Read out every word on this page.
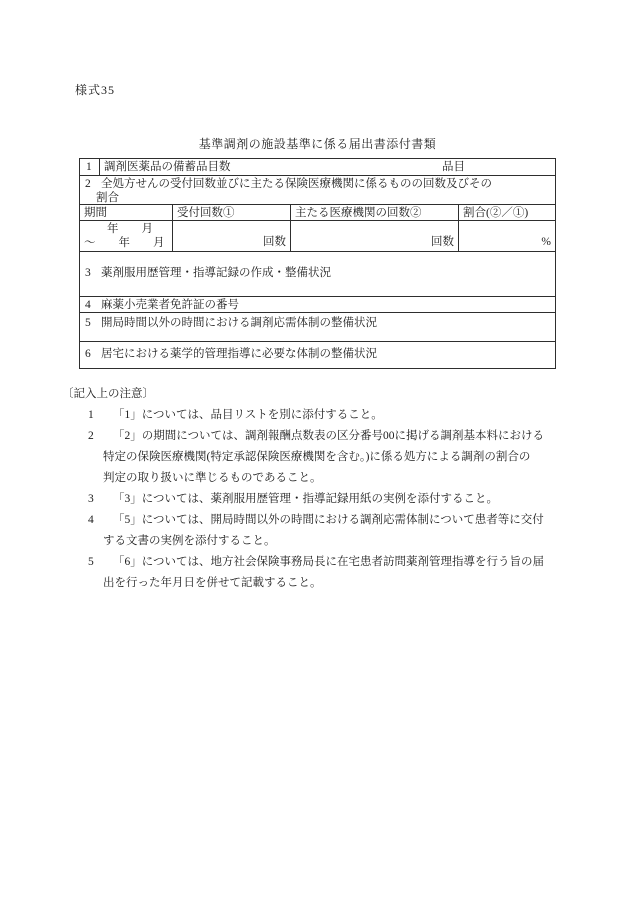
様式35
基準調剤の施設基準に係る届出書添付書類
1	調剤医薬品の備蓄品目数	品目
2 全処方せんの受付回数並びに主たる保険医療機関に係るものの回数及びその
割合
期間	受付回数①	主たる医療機関の回数②	割合(②／①)
　　年　　月
～　　年　　月	回数	回数	%
3 薬剤服用歴管理・指導記録の作成・整備状況
4 麻薬小売業者免許証の番号
5 開局時間以外の時間における調剤応需体制の整備状況
6 居宅における薬学的管理指導に必要な体制の整備状況
〔記入上の注意〕
1 「1」については、品目リストを別に添付すること。
2 「2」の期間については、調剤報酬点数表の区分番号00に掲げる調剤基本料における
特定の保険医療機関(特定承認保険医療機関を含む。)に係る処方による調剤の割合の
判定の取り扱いに準じるものであること。
3 「3」については、薬剤服用歴管理・指導記録用紙の実例を添付すること。
4 「5」については、開局時間以外の時間における調剤応需体制について患者等に交付
する文書の実例を添付すること。
5 「6」については、地方社会保険事務局長に在宅患者訪問薬剤管理指導を行う旨の届
出を行った年月日を併せて記載すること。
